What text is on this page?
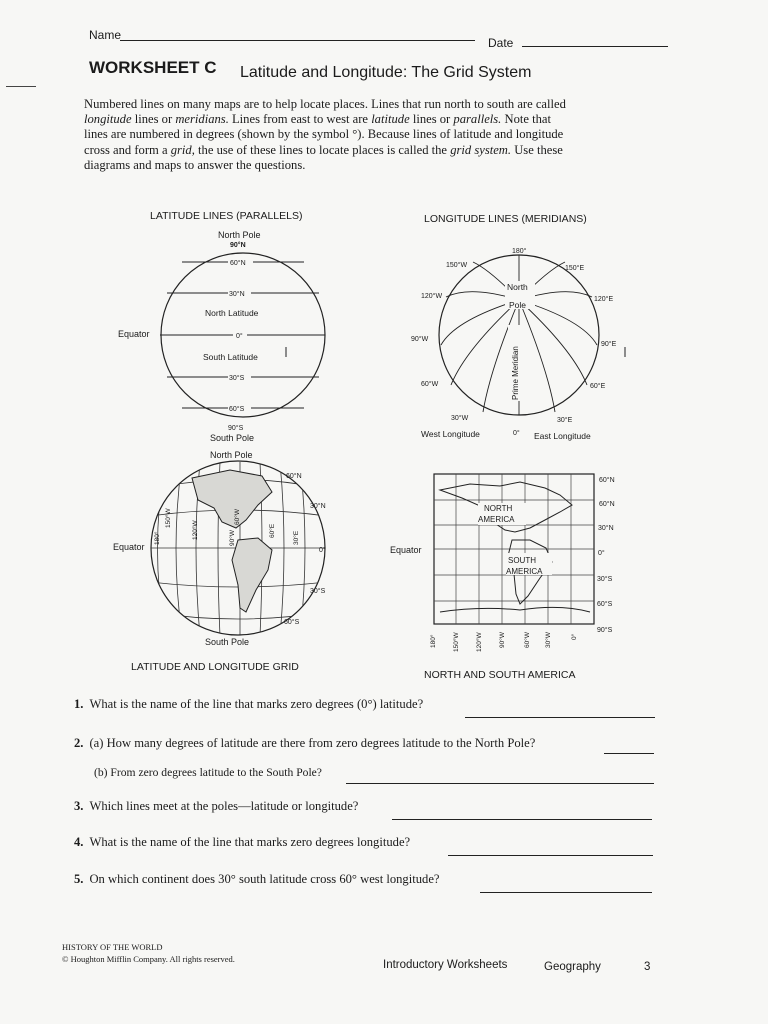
Name
Date
WORKSHEET C Latitude and Longitude: The Grid System

Numbered lines on many maps are to help locate places. Lines that run north to south are called longitude lines or meridians. Lines from east to west are latitude lines or parallels. Note that lines are numbered in degrees (shown by the symbol °). Because lines of latitude and longitude cross and form a grid, the use of these lines to locate places is called the grid system. Use these diagrams and maps to answer the questions.

LATITUDE LINES (PARALLELS)
North Pole
90°N
60°N
30°N
North Latitude
Equator	0°
South Latitude
30°S
60°S
90°S
South Pole
LONGITUDE LINES (MERIDIANS)
180°
North
Pole
150°W	150°E
120°W	120°E
90°W
90°E
Prime Meridian
60°W	60°E
30°W	30°E
West Longitude	0° East Longitude
North Pole
60°N
30°N
Equator	0°
30°S
60°S
South Pole
180°
150°W
120°W	90°W
60°W
30°E
60°E
LATITUDE AND LONGITUDE GRID
NORTH
AMERICA
SOUTH
AMERICA
60°N
60°N
30°N
0°
30°S
60°S
90°S
Equator
180° 150°W 120°W 90°W	60°W 30°W	0°
NORTH AND SOUTH AMERICA
1. What is the name of the line that marks zero degrees (0°) latitude?
2. (a) How many degrees of latitude are there from zero degrees latitude to the North Pole?
(b) From zero degrees latitude to the South Pole?
3. Which lines meet at the poles—latitude or longitude?
4. What is the name of the line that marks zero degrees longitude?
5. On which continent does 30° south latitude cross 60° west longitude?
HISTORY OF THE WORLD
© Houghton Mifflin Company. All rights reserved.	Introductory Worksheets	Geography	3
